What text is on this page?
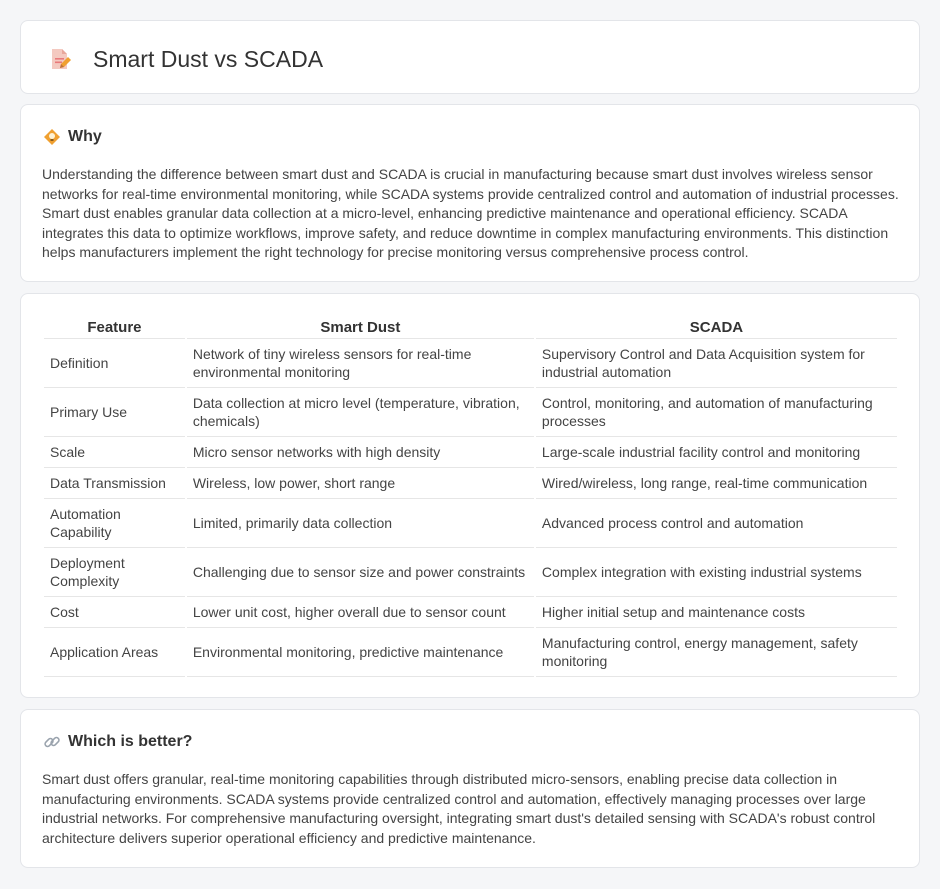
Smart Dust vs SCADA
Why

Understanding the difference between smart dust and SCADA is crucial in manufacturing because smart dust involves wireless sensor networks for real-time environmental monitoring, while SCADA systems provide centralized control and automation of industrial processes. Smart dust enables granular data collection at a micro-level, enhancing predictive maintenance and operational efficiency. SCADA integrates this data to optimize workflows, improve safety, and reduce downtime in complex manufacturing environments. This distinction helps manufacturers implement the right technology for precise monitoring versus comprehensive process control.

Feature	Smart Dust	SCADA
Definition	Network of tiny wireless sensors for real-time environmental monitoring	Supervisory Control and Data Acquisition system for industrial automation
Primary Use	Data collection at micro level (temperature, vibration, chemicals)	Control, monitoring, and automation of manufacturing processes
Scale	Micro sensor networks with high density	Large-scale industrial facility control and monitoring
Data Transmission	Wireless, low power, short range	Wired/wireless, long range, real-time communication
Automation Capability	Limited, primarily data collection	Advanced process control and automation
Deployment Complexity	Challenging due to sensor size and power constraints	Complex integration with existing industrial systems
Cost	Lower unit cost, higher overall due to sensor count	Higher initial setup and maintenance costs
Application Areas	Environmental monitoring, predictive maintenance	Manufacturing control, energy management, safety monitoring
Which is better?

Smart dust offers granular, real-time monitoring capabilities through distributed micro-sensors, enabling precise data collection in manufacturing environments. SCADA systems provide centralized control and automation, effectively managing processes over large industrial networks. For comprehensive manufacturing oversight, integrating smart dust's detailed sensing with SCADA's robust control architecture delivers superior operational efficiency and predictive maintenance.
